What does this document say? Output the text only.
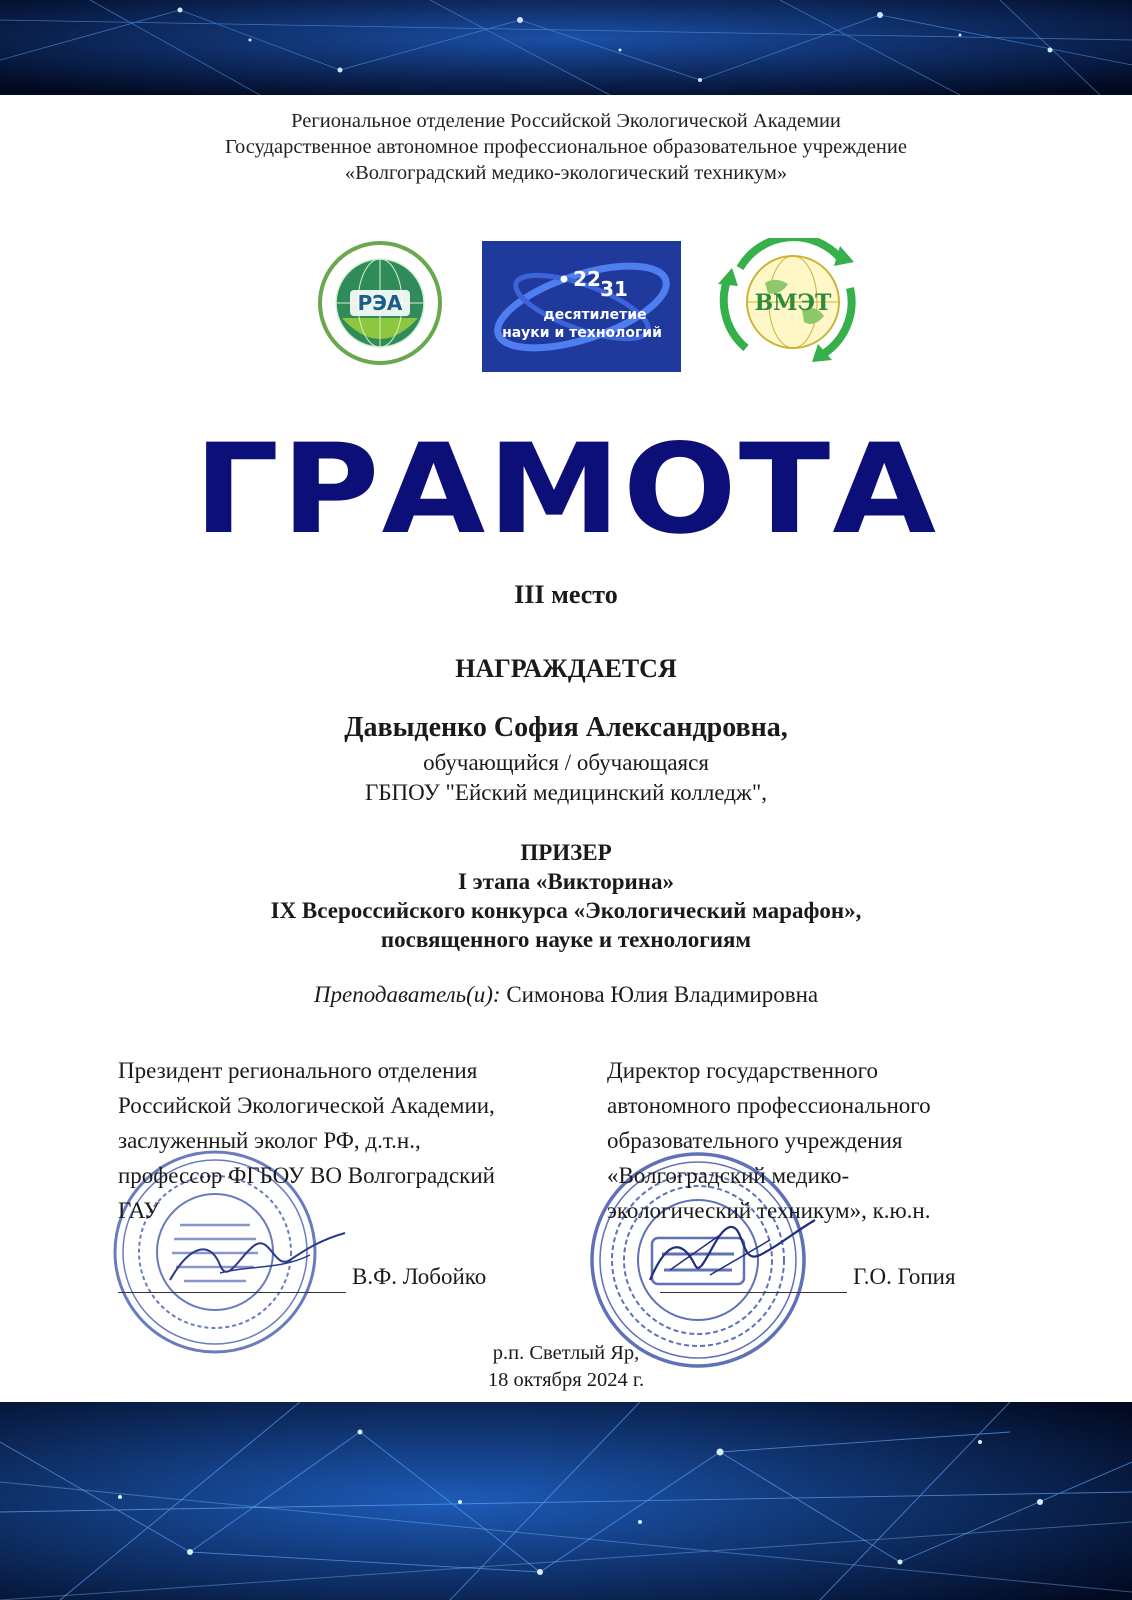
Региональное отделение Российской Экологической Академии
Государственное автономное профессиональное образовательное учреждение
«Волгоградский медико-экологический техникум»
РЭА
22 31
десятилетие
науки и технологий
ВМЭТ
ГРАМОТА
III место
НАГРАЖДАЕТСЯ
Давыденко София Александровна,
обучающийся / обучающаяся
ГБПОУ "Ейский медицинский колледж",
ПРИЗЕР
I этапа «Викторина»
IX Всероссийского конкурса «Экологический марафон»,
посвященного науке и технологиям
Преподаватель(и): Симонова Юлия Владимировна
Президент регионального отделения
Российской Экологической Академии,
заслуженный эколог РФ, д.т.н.,
профессор ФГБОУ ВО Волгоградский
ГАУ
Директор государственного
автономного профессионального
образовательного учреждения
«Волгоградский медико-
экологический техникум», к.ю.н.
В.Ф. Лобойко	Г.О. Гопия
р.п. Светлый Яр,
18 октября 2024 г.
